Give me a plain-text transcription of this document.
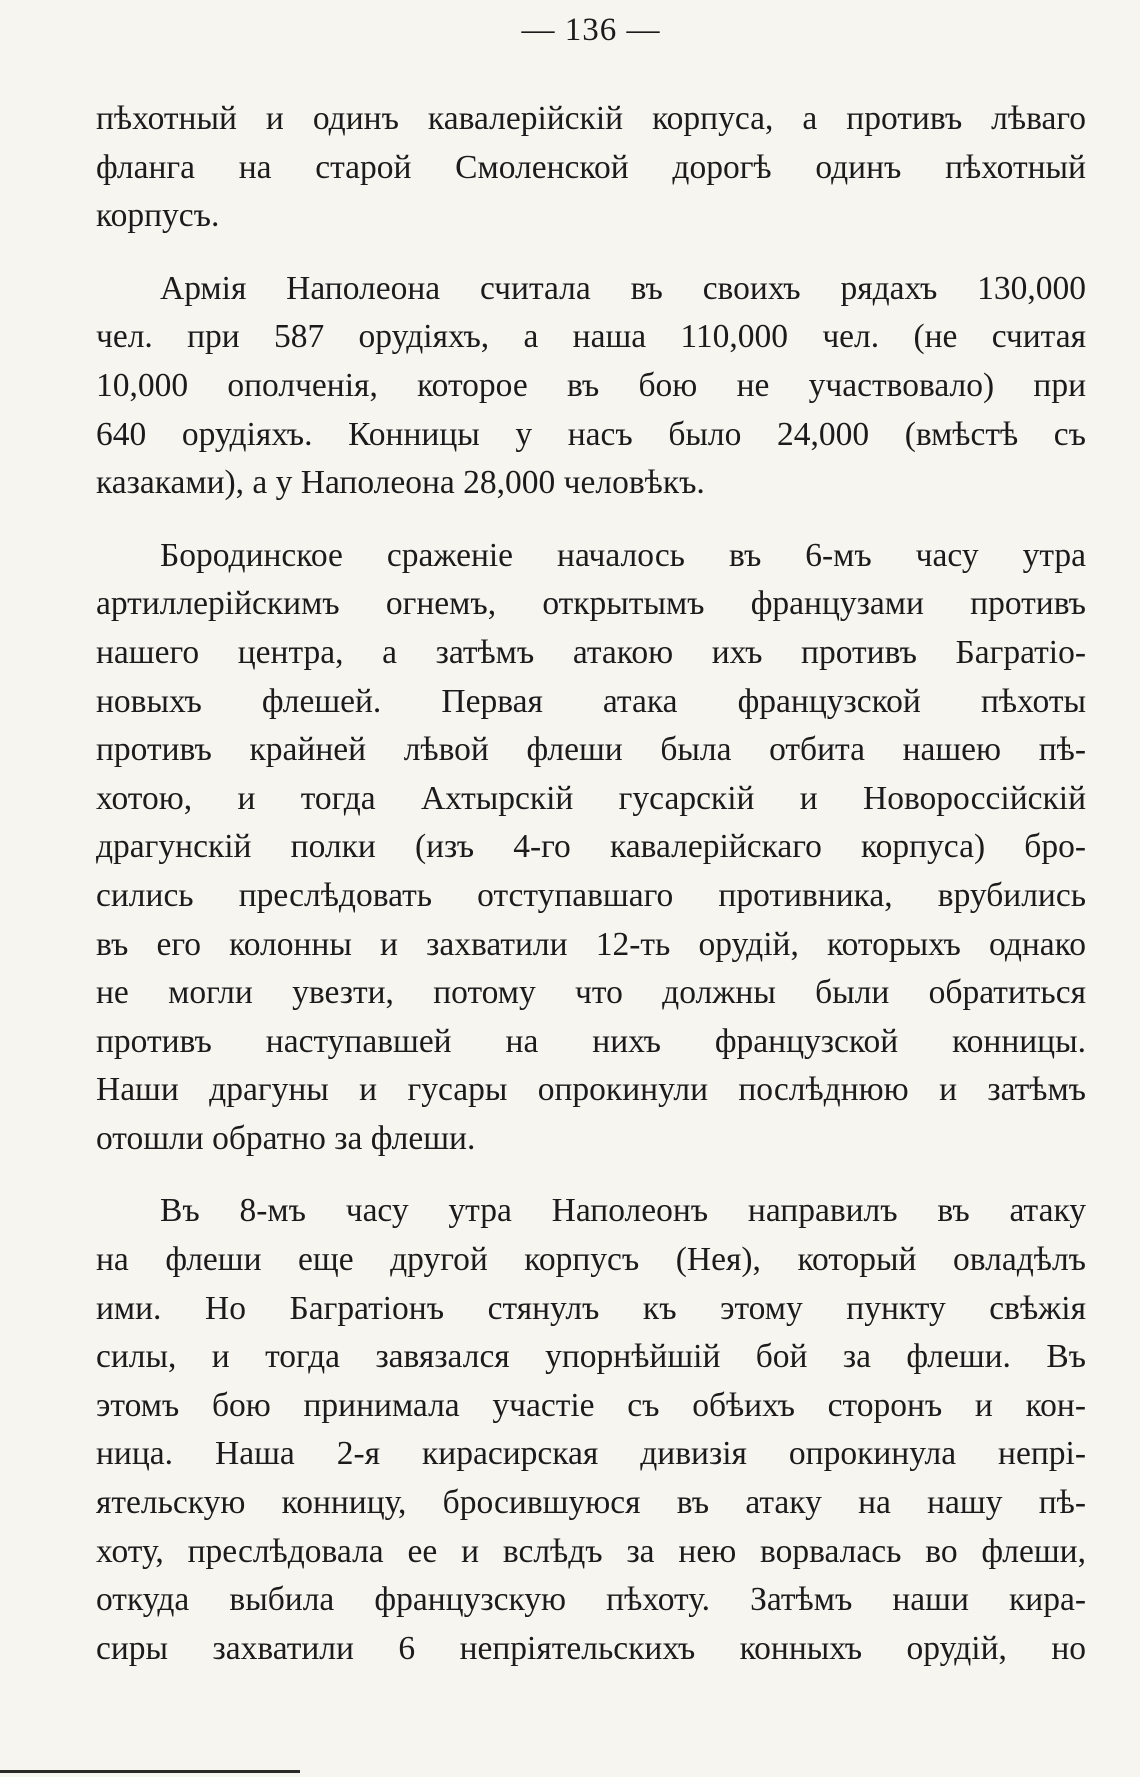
— 136 —

пѣхотный и одинъ кавалерійскій корпуса, а противъ лѣваго
фланга на старой Смоленской дорогѣ одинъ пѣхотный
корпусъ.

Армія Наполеона считала въ своихъ рядахъ 130,000
чел. при 587 орудіяхъ, а наша 110,000 чел. (не считая
10,000 ополченія, которое въ бою не участвовало) при
640 орудіяхъ. Конницы у насъ было 24,000 (вмѣстѣ съ
казаками), а у Наполеона 28,000 человѣкъ.

Бородинское сраженіе началось въ 6-мъ часу утра
артиллерійскимъ огнемъ, открытымъ французами противъ
нашего центра, а затѣмъ атакою ихъ противъ Багратіо-
новыхъ флешей. Первая атака французской пѣхоты
противъ крайней лѣвой флеши была отбита нашею пѣ-
хотою, и тогда Ахтырскій гусарскій и Новороссійскій
драгунскій полки (изъ 4-го кавалерійскаго корпуса) бро-
сились преслѣдовать отступавшаго противника, врубились
въ его колонны и захватили 12-ть орудій, которыхъ однако
не могли увезти, потому что должны были обратиться
противъ наступавшей на нихъ французской конницы.
Наши драгуны и гусары опрокинули послѣднюю и затѣмъ
отошли обратно за флеши.

Въ 8-мъ часу утра Наполеонъ направилъ въ атаку
на флеши еще другой корпусъ (Нея), который овладѣлъ
ими. Но Багратіонъ стянулъ къ этому пункту свѣжія
силы, и тогда завязался упорнѣйшій бой за флеши. Въ
этомъ бою принимала участіе съ обѣихъ сторонъ и кон-
ница. Наша 2-я кирасирская дивизія опрокинула непрі-
ятельскую конницу, бросившуюся въ атаку на нашу пѣ-
хоту, преслѣдовала ее и вслѣдъ за нею ворвалась во флеши,
откуда выбила французскую пѣхоту. Затѣмъ наши кира-
сиры захватили 6 непріятельскихъ конныхъ орудій, но
